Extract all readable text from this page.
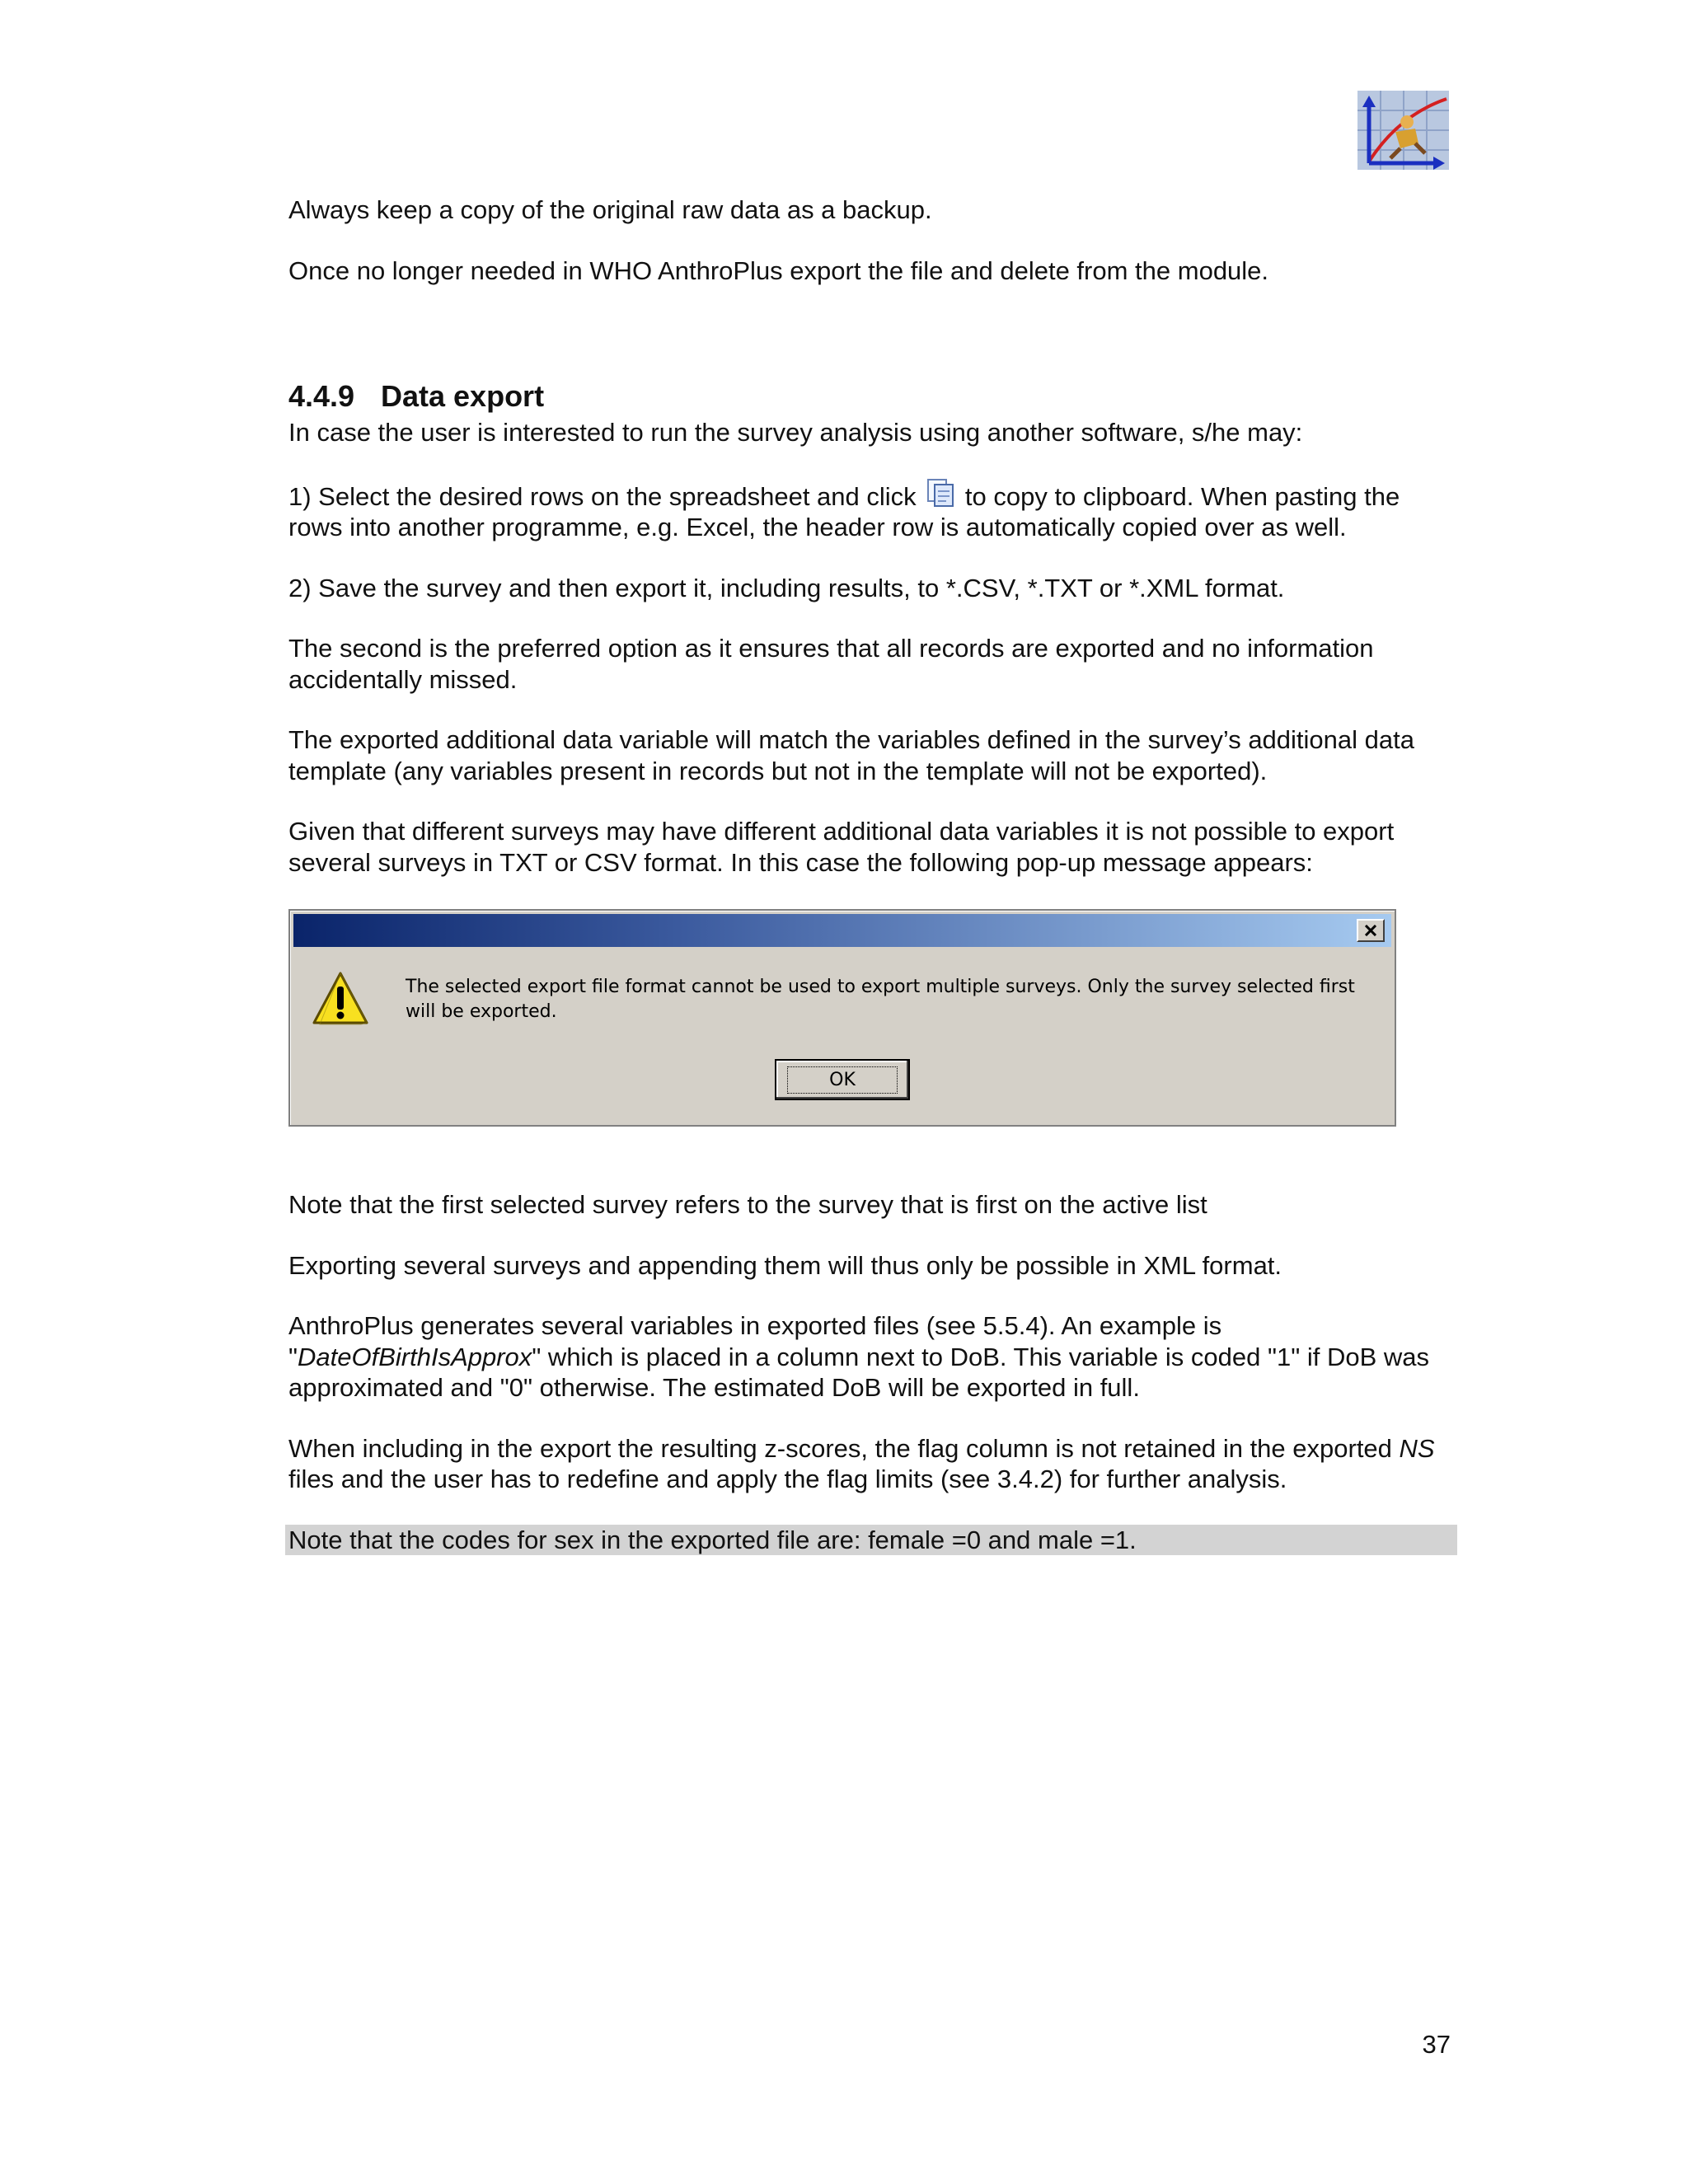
Always keep a copy of the original raw data as a backup.

Once no longer needed in WHO AnthroPlus export the file and delete from the module.

4.4.9 Data export

In case the user is interested to run the survey analysis using another software, s/he may:

1) Select the desired rows on the spreadsheet and click to copy to clipboard. When pasting the rows into another programme, e.g. Excel, the header row is automatically copied over as well.

2) Save the survey and then export it, including results, to *.CSV, *.TXT or *.XML format.

The second is the preferred option as it ensures that all records are exported and no information accidentally missed.

The exported additional data variable will match the variables defined in the survey’s additional data template (any variables present in records but not in the template will not be exported).

Given that different surveys may have different additional data variables it is not possible to export several surveys in TXT or CSV format. In this case the following pop-up message appears:

The selected export file format cannot be used to export multiple surveys. Only the survey selected first will be exported.
OK

Note that the first selected survey refers to the survey that is first on the active list

Exporting several surveys and appending them will thus only be possible in XML format.

AnthroPlus generates several variables in exported files (see 5.5.4). An example is "DateOfBirthIsApprox" which is placed in a column next to DoB. This variable is coded "1" if DoB was approximated and "0" otherwise. The estimated DoB will be exported in full.

When including in the export the resulting z-scores, the flag column is not retained in the exported NS files and the user has to redefine and apply the flag limits (see 3.4.2) for further analysis.

Note that the codes for sex in the exported file are: female =0 and male =1.

37
